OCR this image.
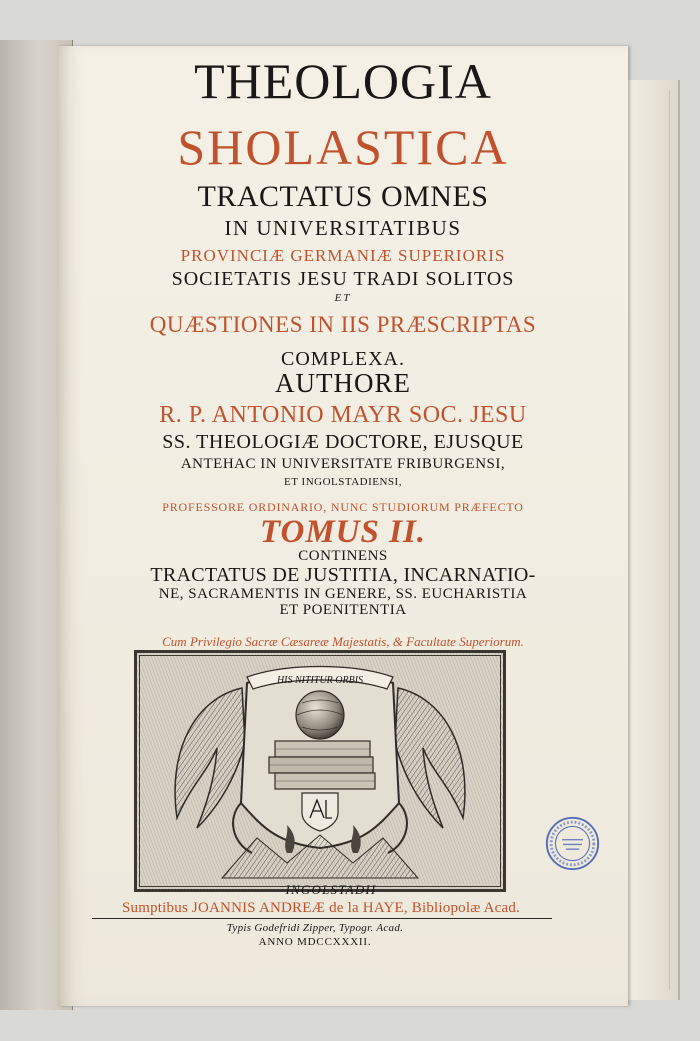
THEOLOGIA
SHOLASTICA
TRACTATUS OMNES
IN UNIVERSITATIBUS
PROVINCIÆ GERMANIÆ SUPERIORIS
SOCIETATIS JESU TRADI SOLITOS
ET
QUÆSTIONES IN IIS PRÆSCRIPTAS
COMPLEXA.
AUTHORE
R. P. ANTONIO MAYR SOC. JESU
SS. THEOLOGIÆ DOCTORE, EJUSQUE
ANTEHAC IN UNIVERSITATE FRIBURGENSI,
ET INGOLSTADIENSI,
PROFESSORE ORDINARIO, NUNC STUDIORUM PRÆFECTO
TOMUS II.
CONTINENS
TRACTATUS DE JUSTITIA, INCARNATIO-
NE, SACRAMENTIS IN GENERE, SS. EUCHARISTIA
ET POENITENTIA
Cum Privilegio Sacræ Cæsareæ Majestatis, & Facultate Superiorum.
HIS NITITUR ORBIS
INGOLSTADII
Sumptibus JOANNIS ANDREÆ de la HAYE, Bibliopolæ Acad.
Typis Godefridi Zipper, Typogr. Acad.
ANNO MDCCXXXII.
